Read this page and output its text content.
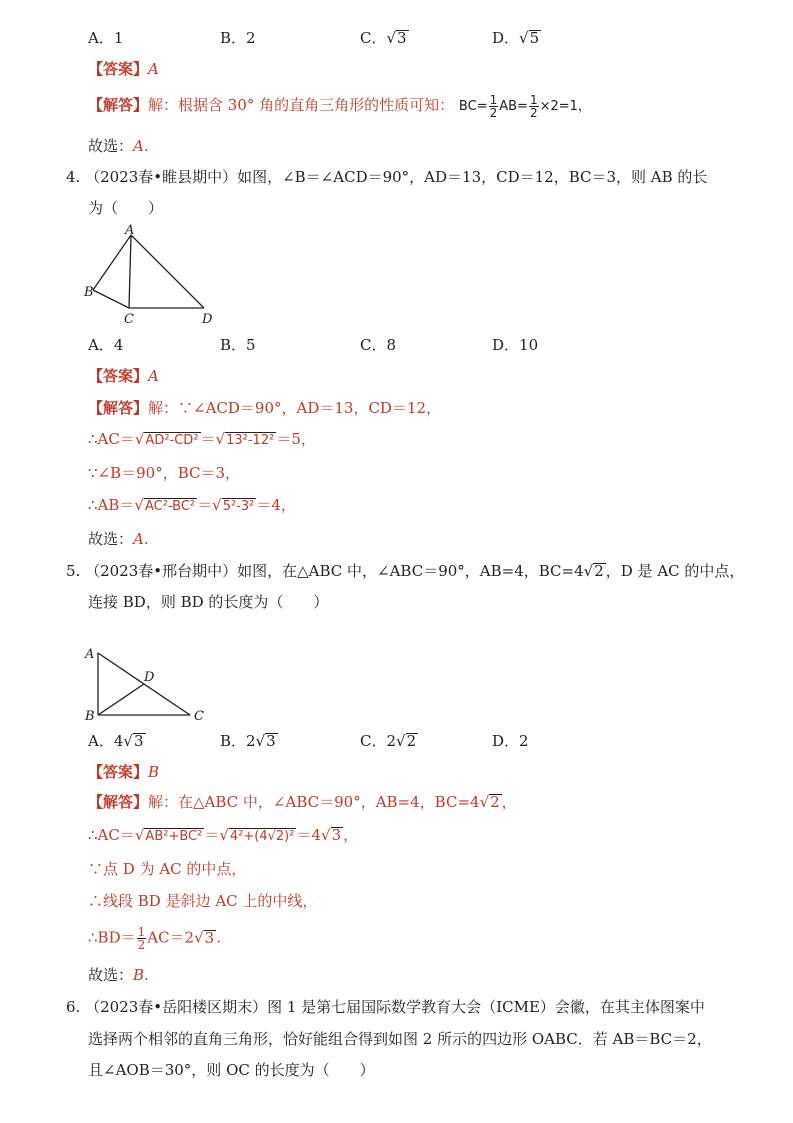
A．1	B．2	C．√3	D．√5
【答案】A
【解答】解：根据含 30° 角的直角三角形的性质可知： $BC= \frac{1}{2} AB= \frac{1}{2} \times 2=1$，
故选：A.
4. （2023春•睢县期中）如图，∠B＝∠ACD＝90°，AD＝13，CD＝12，BC＝3，则 AB 的长
为（　　）
A
B
C	D
A．4	B．5	C．8	D．10
【答案】A
【解答】解：∵∠ACD＝90°，AD＝13，CD＝12，
∴AC＝√AD²-CD² ＝√13²-12² ＝5，
∵∠B＝90°，BC＝3，
∴AB＝√AC²-BC² ＝√5²-3² ＝4，
故选：A.
5. （2023春•邢台期中）如图，在△ABC 中，∠ABC＝90°，AB=4，BC=4√2 ，D 是 AC 的中点，
连接 BD，则 BD 的长度为（　　）
A
B	C
D
A．4√3	B．2√3	C．2√2	D．2
【答案】B
【解答】解：在△ABC 中，∠ABC＝90°，AB=4，BC=4√2 ，
∴AC＝√AB²+BC² ＝√4²+(4√2)² ＝4√3 ，
∵点 D 为 AC 的中点，
∴线段 BD 是斜边 AC 上的中线，
∴BD＝ $\frac{1}{2} AC=2√3$ .
故选：B.
6. （2023春•岳阳楼区期末）图 1 是第七届国际数学教育大会（ICME）会徽，在其主体图案中
选择两个相邻的直角三角形，恰好能组合得到如图 2 所示的四边形 OABC．若 AB＝BC＝2，
且∠AOB＝30°，则 OC 的长度为（　　）
